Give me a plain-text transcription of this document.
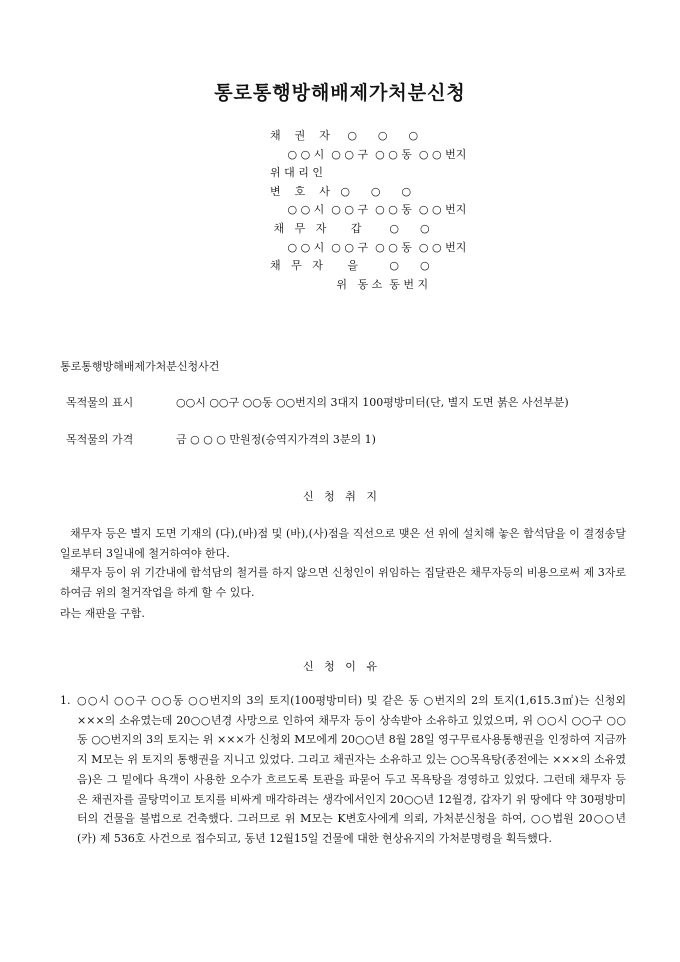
통로통행방해배제가처분신청
채    권    자     ○      ○      ○
○ ○ 시  ○ ○ 구  ○ ○ 동  ○ ○ 번지
위 대 리 인
변    호    사   ○      ○      ○
○ ○ 시  ○ ○ 구  ○ ○ 동  ○ ○ 번지
채   무   자       갑        ○      ○
○ ○ 시  ○ ○ 구  ○ ○ 동  ○ ○ 번지
채   무   자       을         ○      ○
위   동 소  동 번 지
통로통행방해배제가처분신청사건
목적물의 표시	○○시 ○○구 ○○동 ○○번지의 3대지 100평방미터(단, 별지 도면 붉은 사선부분)
목적물의 가격	금 ○ ○ ○ 만원정(승역지가격의 3분의 1)
신   청   취   지
채무자 등은 별지 도면 기재의 (다),(바)점 및 (바),(사)점을 직선으로 맺은 선 위에 설치해 놓은 함석담을 이 결정송달일로부터 3일내에 철거하여야 한다.
채무자 등이 위 기간내에 함석담의 철거를 하지 않으면 신청인이 위임하는 집달관은 채무자등의 비용으로써 제 3자로 하여금 위의 철거작업을 하게 할 수 있다.
라는 재판을 구함.
신   청   이   유
1. ○○시 ○○구 ○○동 ○○번지의 3의 토지(100평방미터) 및 같은 동 ○번지의 2의 토지(1,615.3㎡)는 신청외 ×××의 소유였는데 20○○년경 사망으로 인하여 채무자 등이 상속받아 소유하고 있었으며, 위 ○○시 ○○구 ○○동 ○○번지의 3의 토지는 위 ×××가 신청외 M모에게 20○○년 8월 28일 영구무료사용통행권을 인정하여 지금까지 M모는 위 토지의 통행권을 지니고 있었다. 그리고 채권자는 소유하고 있는 ○○목욕탕(종전에는 ×××의 소유였음)은 그 밑에다 욕객이 사용한 오수가 흐르도록 토관을 파묻어 두고 목욕탕을 경영하고 있었다. 그런데 채무자 등은 채권자를 골탕먹이고 토지를 비싸게 매각하려는 생각에서인지 20○○년 12월경, 갑자기 위 땅에다 약 30평방미터의 건물을 불법으로 건축했다. 그러므로 위 M모는 K변호사에게 의뢰, 가처분신청을 하여, ○○법원 20○○년 (카) 제 536호 사건으로 접수되고, 동년 12월15일 건물에 대한 현상유지의 가처분명령을 획득했다.
